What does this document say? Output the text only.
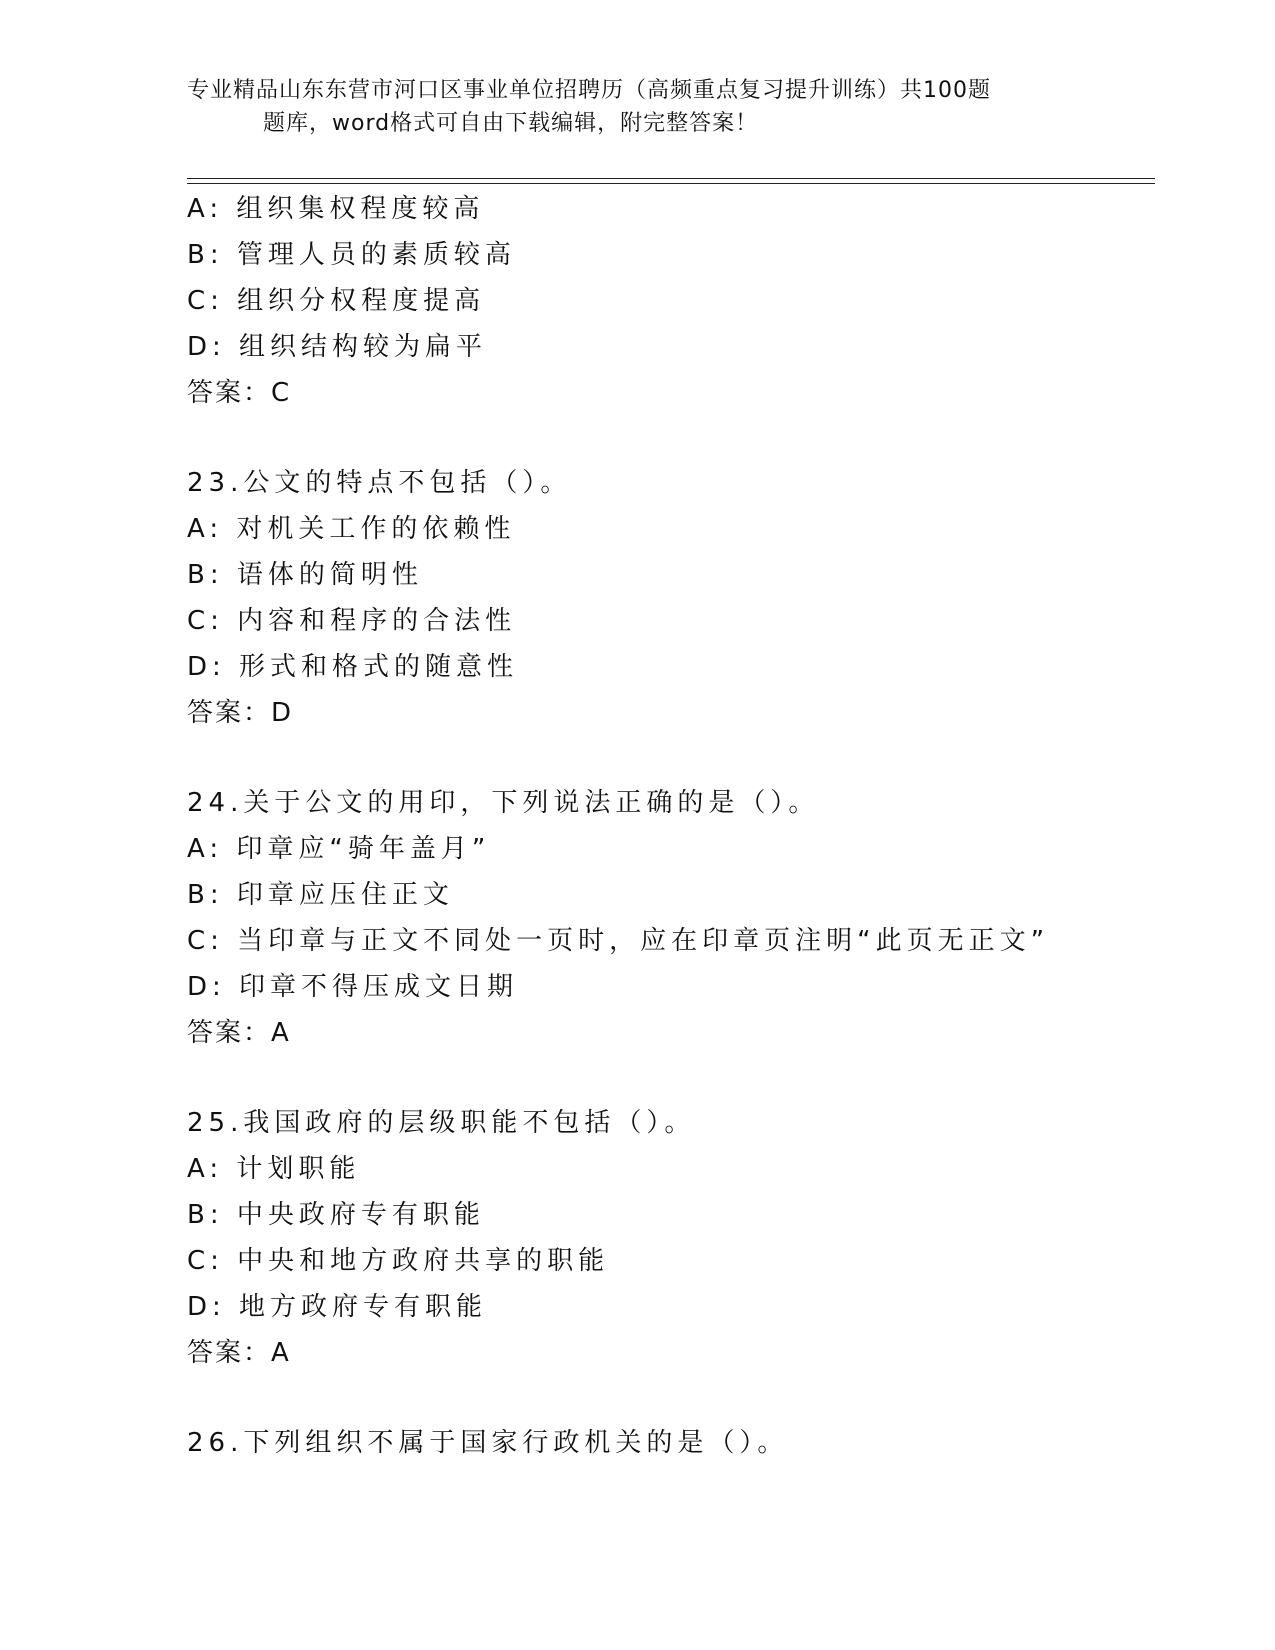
专业精品山东东营市河口区事业单位招聘历（高频重点复习提升训练）共100题
题库，word格式可自由下载编辑，附完整答案！
A: 组织集权程度较高
B: 管理人员的素质较高
C: 组织分权程度提高
D: 组织结构较为扁平
答案：C
23.公文的特点不包括（）。
A: 对机关工作的依赖性
B: 语体的简明性
C: 内容和程序的合法性
D: 形式和格式的随意性
答案：D
24.关于公文的用印，下列说法正确的是（）。
A: 印章应“骑年盖月”
B: 印章应压住正文
C: 当印章与正文不同处一页时，应在印章页注明“此页无正文”
D: 印章不得压成文日期
答案：A
25.我国政府的层级职能不包括（）。
A: 计划职能
B: 中央政府专有职能
C: 中央和地方政府共享的职能
D: 地方政府专有职能
答案：A
26.下列组织不属于国家行政机关的是（）。
